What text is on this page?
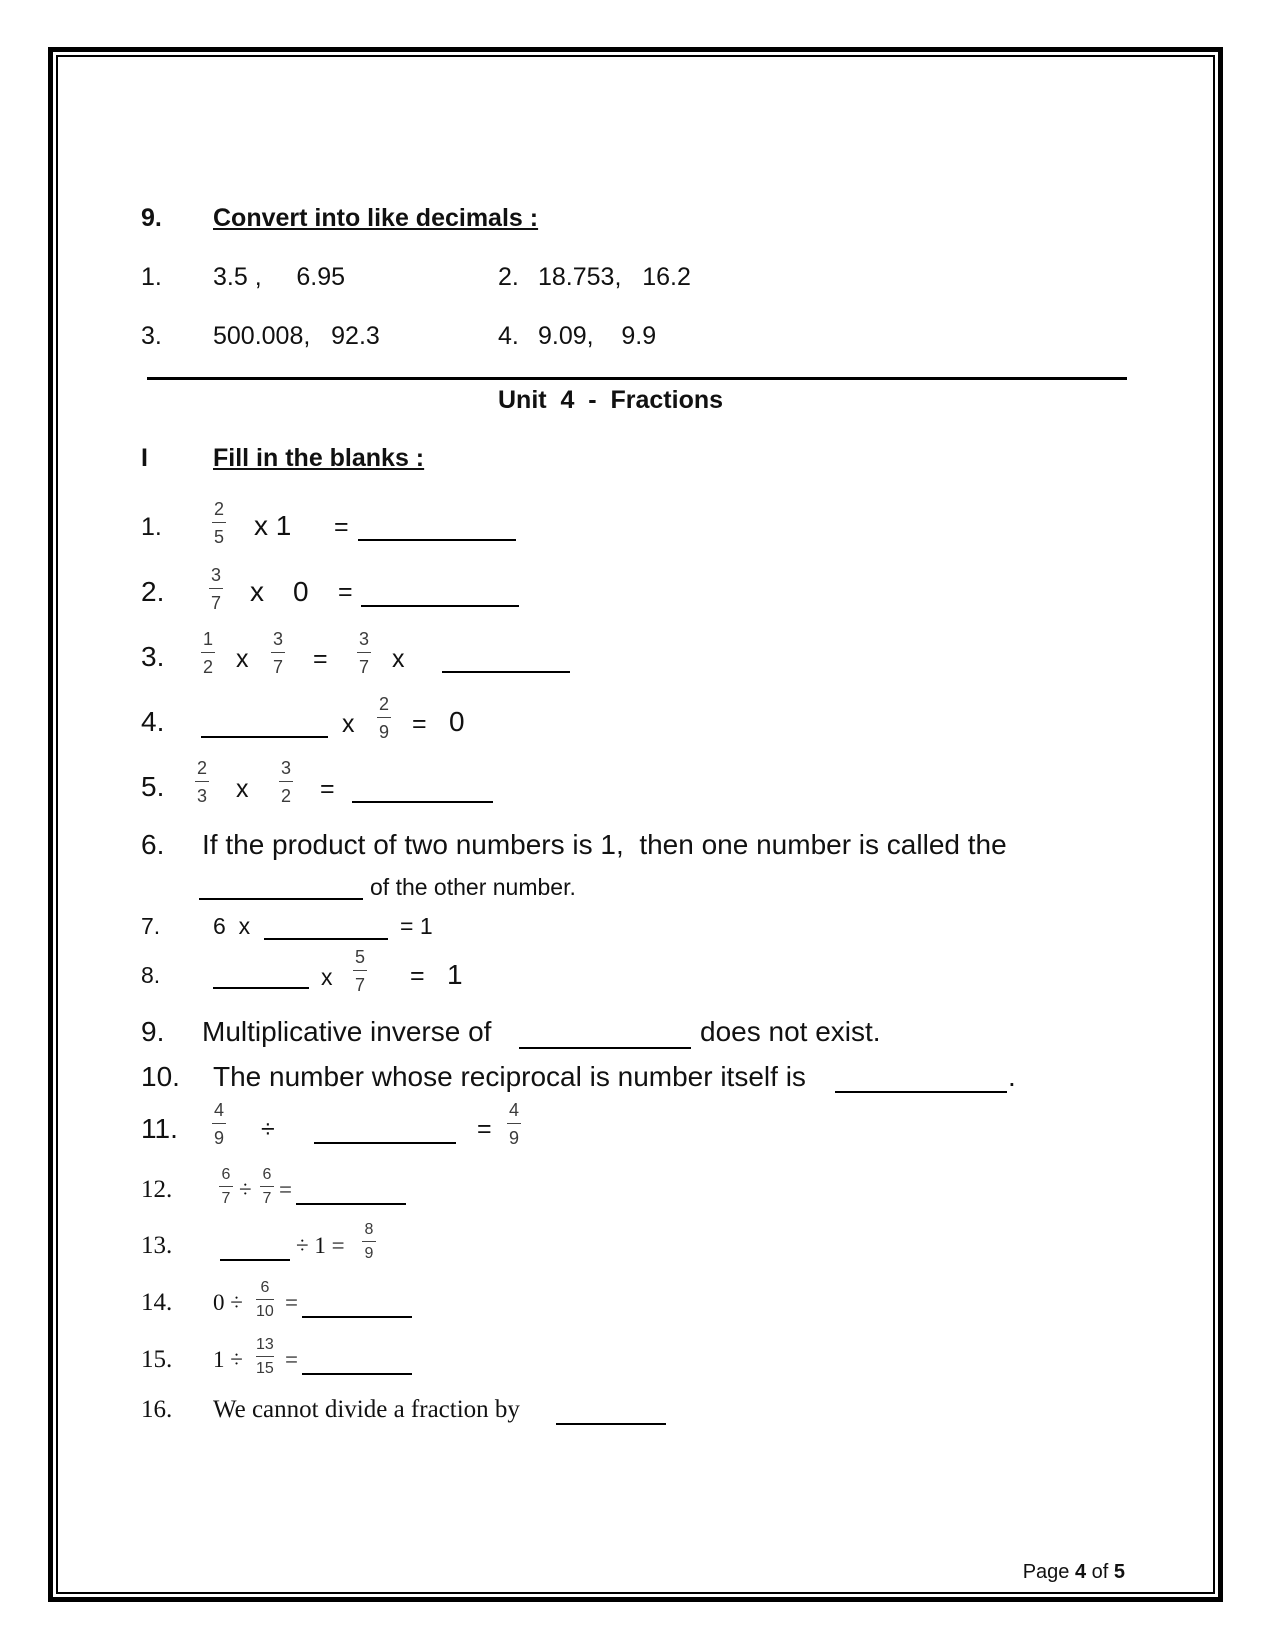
9. Convert into like decimals :
1. 3.5 ,     6.95	2. 18.753,   16.2
3. 500.008,   92.3	4. 9.09,    9.9
Unit  4  -  Fractions
I	Fill in the blanks :
1.
2
5 x 1 =
2.
3
7 x 0 =
3.
1
2 x
3
7 =
3
7 x
4.	x
2
9 = 0
5.
2
3 x
3
2 =
6. If the product of two numbers is 1,  then one number is called the
of the other number.
7. 6  x	= 1
8.	x
5
7 = 1
9. Multiplicative inverse of	does not exist.
10. The number whose reciprocal is number itself is	.
11.
4
9 ÷	=
4
9
12.
6
7 ÷
6
7 =
13.	÷ 1 =
8
9
14. 0 ÷
6
10 =
15. 1 ÷
13
15 =
16. We cannot divide a fraction by
Page 4 of 5
